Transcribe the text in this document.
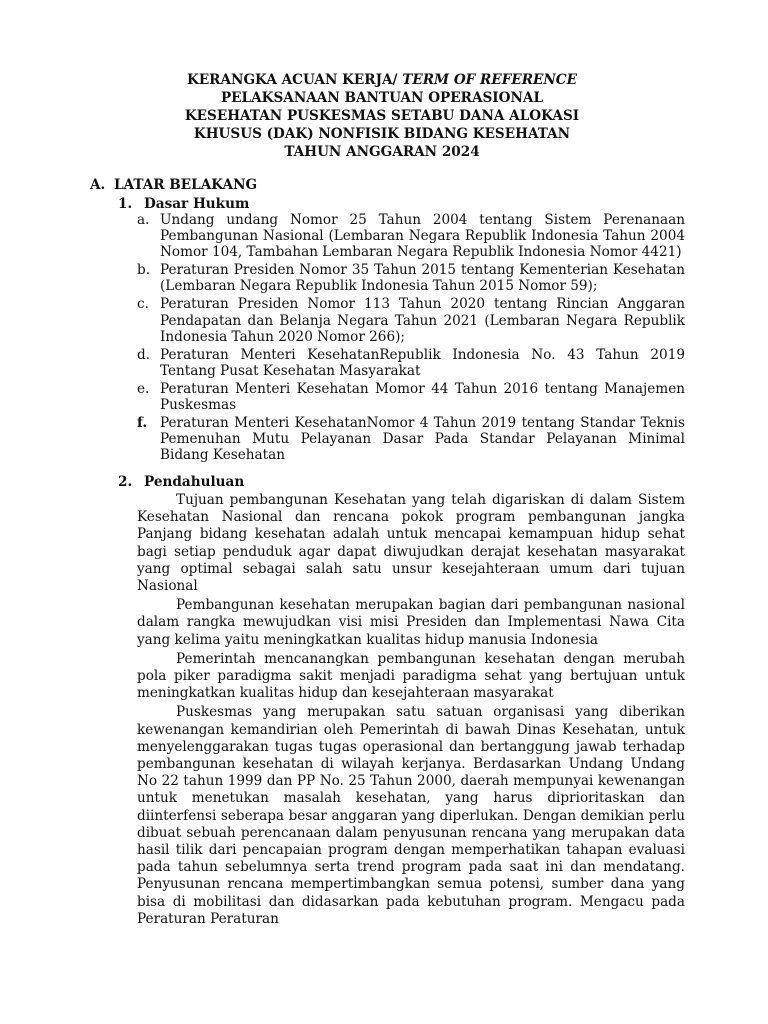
KERANGKA ACUAN KERJA/ TERM OF REFERENCE
PELAKSANAAN BANTUAN OPERASIONAL
KESEHATAN PUSKESMAS SETABU DANA ALOKASI
KHUSUS (DAK) NONFISIK BIDANG KESEHATAN
TAHUN ANGGARAN 2024
A. LATAR BELAKANG
1. Dasar Hukum
a. Undang undang Nomor 25 Tahun 2004 tentang Sistem Perenanaan Pembangunan Nasional (Lembaran Negara Republik Indonesia Tahun 2004 Nomor 104, Tambahan Lembaran Negara Republik Indonesia Nomor 4421)
b. Peraturan Presiden Nomor 35 Tahun 2015 tentang Kementerian Kesehatan (Lembaran Negara Republik Indonesia Tahun 2015 Nomor 59);
c. Peraturan Presiden Nomor 113 Tahun 2020 tentang Rincian Anggaran Pendapatan dan Belanja Negara Tahun 2021 (Lembaran Negara Republik Indonesia Tahun 2020 Nomor 266);
d. Peraturan Menteri KesehatanRepublik Indonesia No. 43 Tahun 2019 Tentang Pusat Kesehatan Masyarakat
e. Peraturan Menteri Kesehatan Momor 44 Tahun 2016 tentang Manajemen Puskesmas
f. Peraturan Menteri KesehatanNomor 4 Tahun 2019 tentang Standar Teknis Pemenuhan Mutu Pelayanan Dasar Pada Standar Pelayanan Minimal Bidang Kesehatan
2. Pendahuluan

Tujuan pembangunan Kesehatan yang telah digariskan di dalam Sistem Kesehatan Nasional dan rencana pokok program pembangunan jangka Panjang bidang kesehatan adalah untuk mencapai kemampuan hidup sehat bagi setiap penduduk agar dapat diwujudkan derajat kesehatan masyarakat yang optimal sebagai salah satu unsur kesejahteraan umum dari tujuan Nasional

Pembangunan kesehatan merupakan bagian dari pembangunan nasional dalam rangka mewujudkan visi misi Presiden dan Implementasi Nawa Cita yang kelima yaitu meningkatkan kualitas hidup manusia Indonesia

Pemerintah mencanangkan pembangunan kesehatan dengan merubah pola piker paradigma sakit menjadi paradigma sehat yang bertujuan untuk meningkatkan kualitas hidup dan kesejahteraan masyarakat

Puskesmas yang merupakan satu satuan organisasi yang diberikan kewenangan kemandirian oleh Pemerintah di bawah Dinas Kesehatan, untuk menyelenggarakan tugas tugas operasional dan bertanggung jawab terhadap pembangunan kesehatan di wilayah kerjanya. Berdasarkan Undang Undang No 22 tahun 1999 dan PP No. 25 Tahun 2000, daerah mempunyai kewenangan untuk menetukan masalah kesehatan, yang harus diprioritaskan dan diinterfensi seberapa besar anggaran yang diperlukan. Dengan demikian perlu dibuat sebuah perencanaan dalam penyusunan rencana yang merupakan data hasil tilik dari pencapaian program dengan memperhatikan tahapan evaluasi pada tahun sebelumnya serta trend program pada saat ini dan mendatang. Penyusunan rencana mempertimbangkan semua potensi, sumber dana yang bisa di mobilitasi dan didasarkan pada kebutuhan program. Mengacu pada Peraturan Peraturan
